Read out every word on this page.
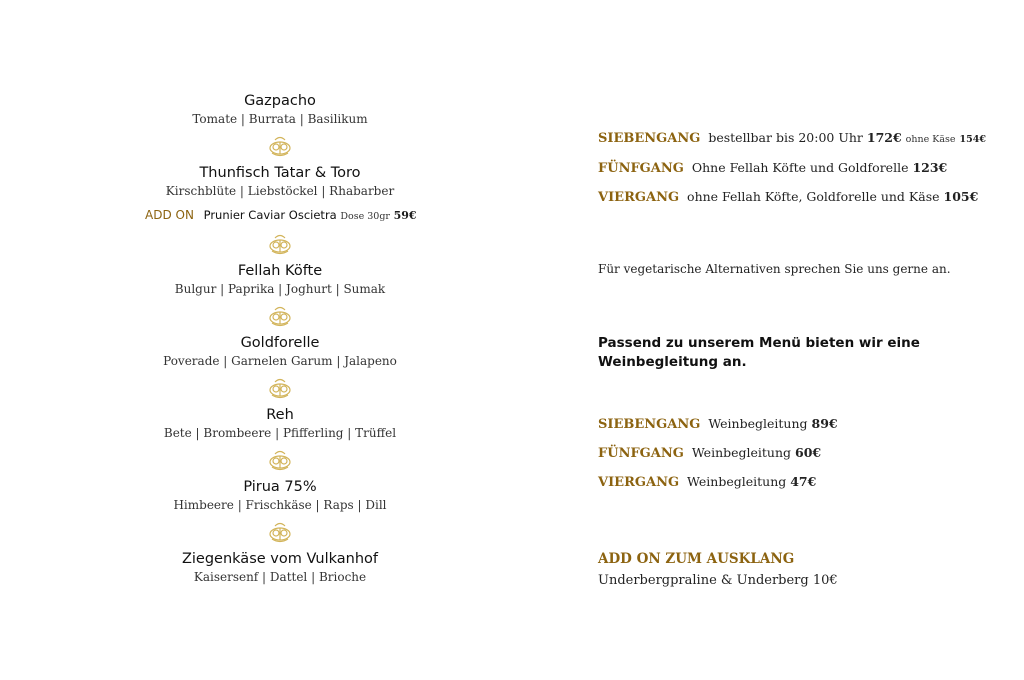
Gazpacho
Tomate | Burrata | Basilikum
Thunfisch Tatar & Toro
Kirschblüte | Liebstöckel | Rhabarber
ADD ON Prunier Caviar Oscietra Dose 30gr 59€
Fellah Köfte
Bulgur | Paprika | Joghurt | Sumak
Goldforelle
Poverade | Garnelen Garum | Jalapeno
Reh
Bete | Brombeere | Pfifferling | Trüffel
Pirua 75%
Himbeere | Frischkäse | Raps | Dill
Ziegenkäse vom Vulkanhof
Kaisersenf | Dattel | Brioche
SIEBENGANG bestellbar bis 20:00 Uhr 172€ ohne Käse 154€
FÜNFGANG Ohne Fellah Köfte und Goldforelle 123€
VIERGANG ohne Fellah Köfte, Goldforelle und Käse 105€
Für vegetarische Alternativen sprechen Sie uns gerne an.
Passend zu unserem Menü bieten wir eine Weinbegleitung an.
SIEBENGANG Weinbegleitung 89€
FÜNFGANG Weinbegleitung 60€
VIERGANG Weinbegleitung 47€
ADD ON ZUM AUSKLANG
Underbergpraline & Underberg 10€
